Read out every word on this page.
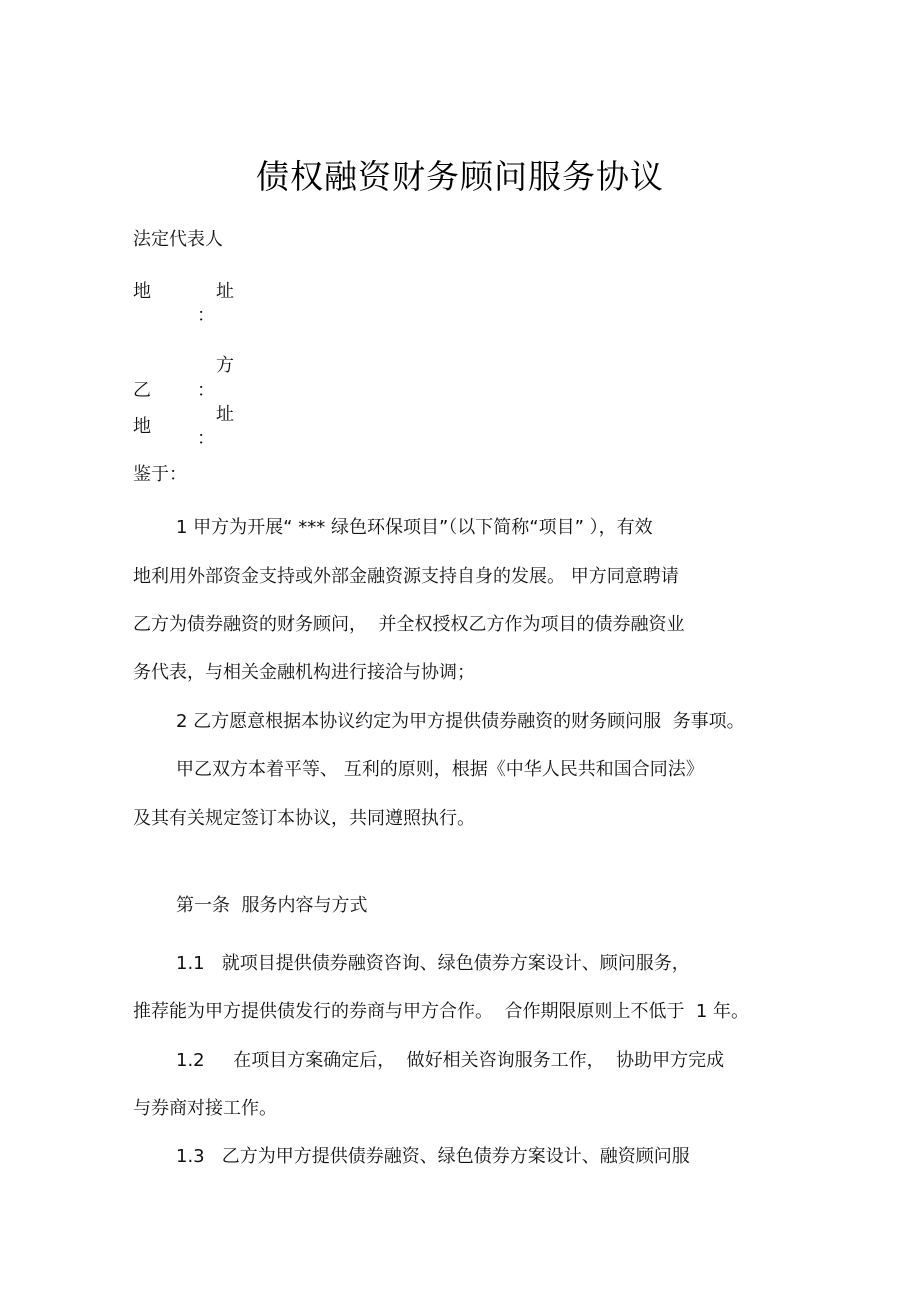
债权融资财务顾问服务协议
法定代表人
地	址
：
方
乙	：
址
地
：
鉴于：
1 甲方为开展“ *** 绿色环保项目”（以下简称“项目” ），有效
地利用外部资金支持或外部金融资源支持自身的发展。 甲方同意聘请
乙方为债券融资的财务顾问，  并全权授权乙方作为项目的债券融资业
务代表，与相关金融机构进行接洽与协调；
2 乙方愿意根据本协议约定为甲方提供债券融资的财务顾问服  务事项。
甲乙双方本着平等、 互利的原则，根据《中华人民共和国合同法》
及其有关规定签订本协议，共同遵照执行。
第一条  服务内容与方式
1.1   就项目提供债券融资咨询、绿色债券方案设计、顾问服务，
推荐能为甲方提供债发行的券商与甲方合作。  合作期限原则上不低于  1 年。
1.2     在项目方案确定后，  做好相关咨询服务工作，  协助甲方完成
与券商对接工作。
1.3   乙方为甲方提供债券融资、绿色债券方案设计、融资顾问服
